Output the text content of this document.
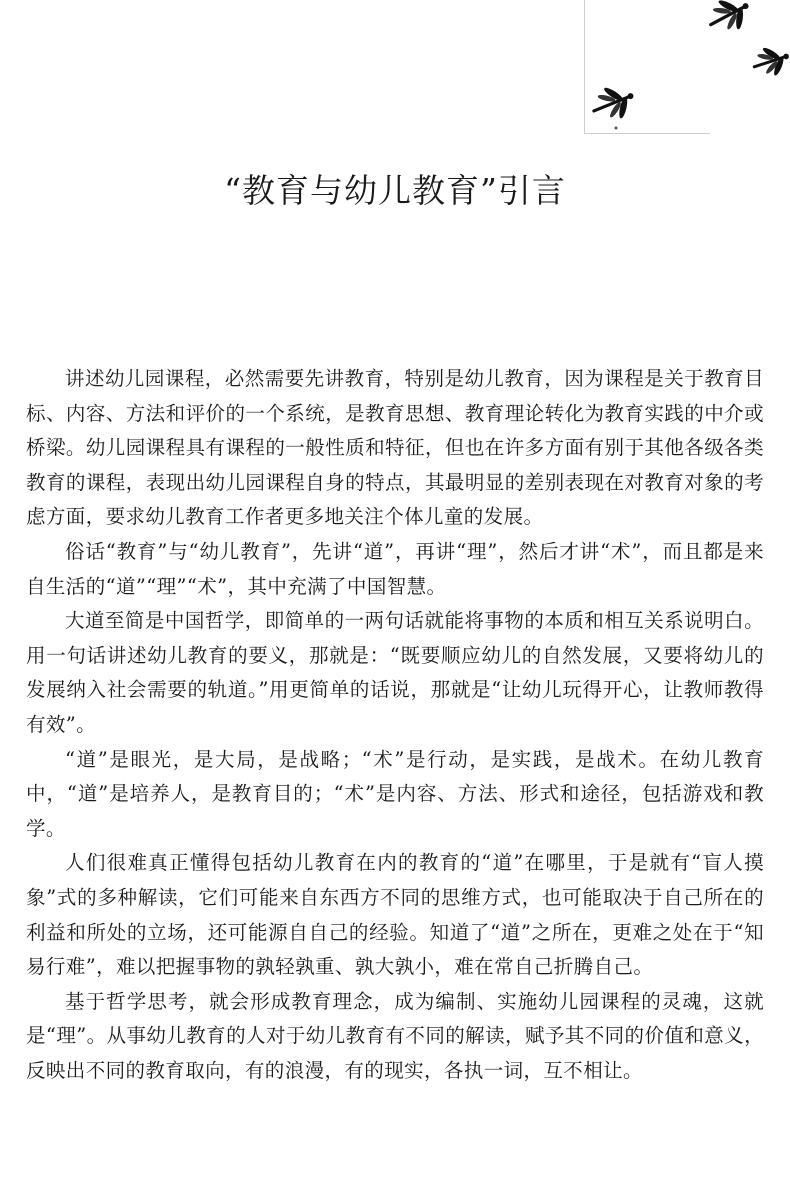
“教育与幼儿教育”引言

讲述幼儿园课程，必然需要先讲教育，特别是幼儿教育，因为课程是关于教育目标、内容、方法和评价的一个系统，是教育思想、教育理论转化为教育实践的中介或桥梁。幼儿园课程具有课程的一般性质和特征，但也在许多方面有别于其他各级各类教育的课程，表现出幼儿园课程自身的特点，其最明显的差别表现在对教育对象的考虑方面，要求幼儿教育工作者更多地关注个体儿童的发展。

俗话“教育”与“幼儿教育”，先讲“道”，再讲“理”，然后才讲“术”，而且都是来自生活的“道”“理”“术”，其中充满了中国智慧。

大道至简是中国哲学，即简单的一两句话就能将事物的本质和相互关系说明白。用一句话讲述幼儿教育的要义，那就是：“既要顺应幼儿的自然发展，又要将幼儿的发展纳入社会需要的轨道。”用更简单的话说，那就是“让幼儿玩得开心，让教师教得有效”。

“道”是眼光，是大局，是战略；“术”是行动，是实践，是战术。在幼儿教育中，“道”是培养人，是教育目的；“术”是内容、方法、形式和途径，包括游戏和教学。

人们很难真正懂得包括幼儿教育在内的教育的“道”在哪里，于是就有“盲人摸象”式的多种解读，它们可能来自东西方不同的思维方式，也可能取决于自己所在的利益和所处的立场，还可能源自自己的经验。知道了“道”之所在，更难之处在于“知易行难”，难以把握事物的孰轻孰重、孰大孰小，难在常自己折腾自己。

基于哲学思考，就会形成教育理念，成为编制、实施幼儿园课程的灵魂，这就是“理”。从事幼儿教育的人对于幼儿教育有不同的解读，赋予其不同的价值和意义，反映出不同的教育取向，有的浪漫，有的现实，各执一词，互不相让。
